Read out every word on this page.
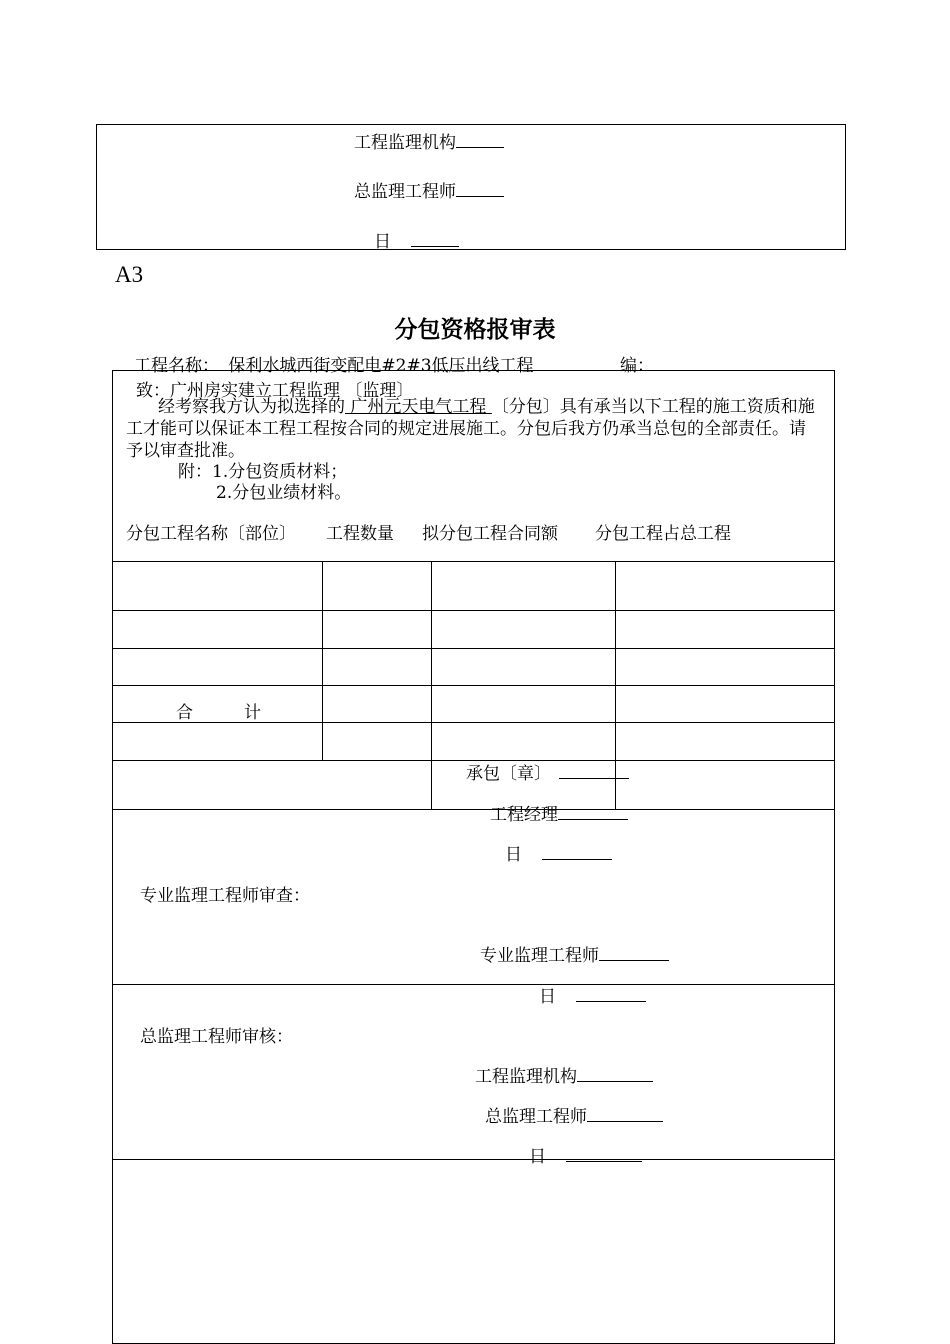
工程监理机构
总监理工程师
日
A3
分包资格报审表
工程名称： 保利水城西街变配电#2#3低压出线工程	编：
致：广州房实建立工程监理 〔监理〕
经考察我方认为拟选择的 广州元天电气工程 〔分包〕具有承当以下工程的施工资质和施工才能可以保证本工程工程按合同的规定进展施工。分包后我方仍承当总包的全部责任。请予以审查批准。
附：1.分包资质材料；
2.分包业绩材料。
分包工程名称〔部位〕 工程数量 拟分包工程合同额 分包工程占总工程
合　　　计
承包〔章〕
工程经理
日
专业监理工程师审查：
专业监理工程师
日
总监理工程师审核：
工程监理机构
总监理工程师
日
